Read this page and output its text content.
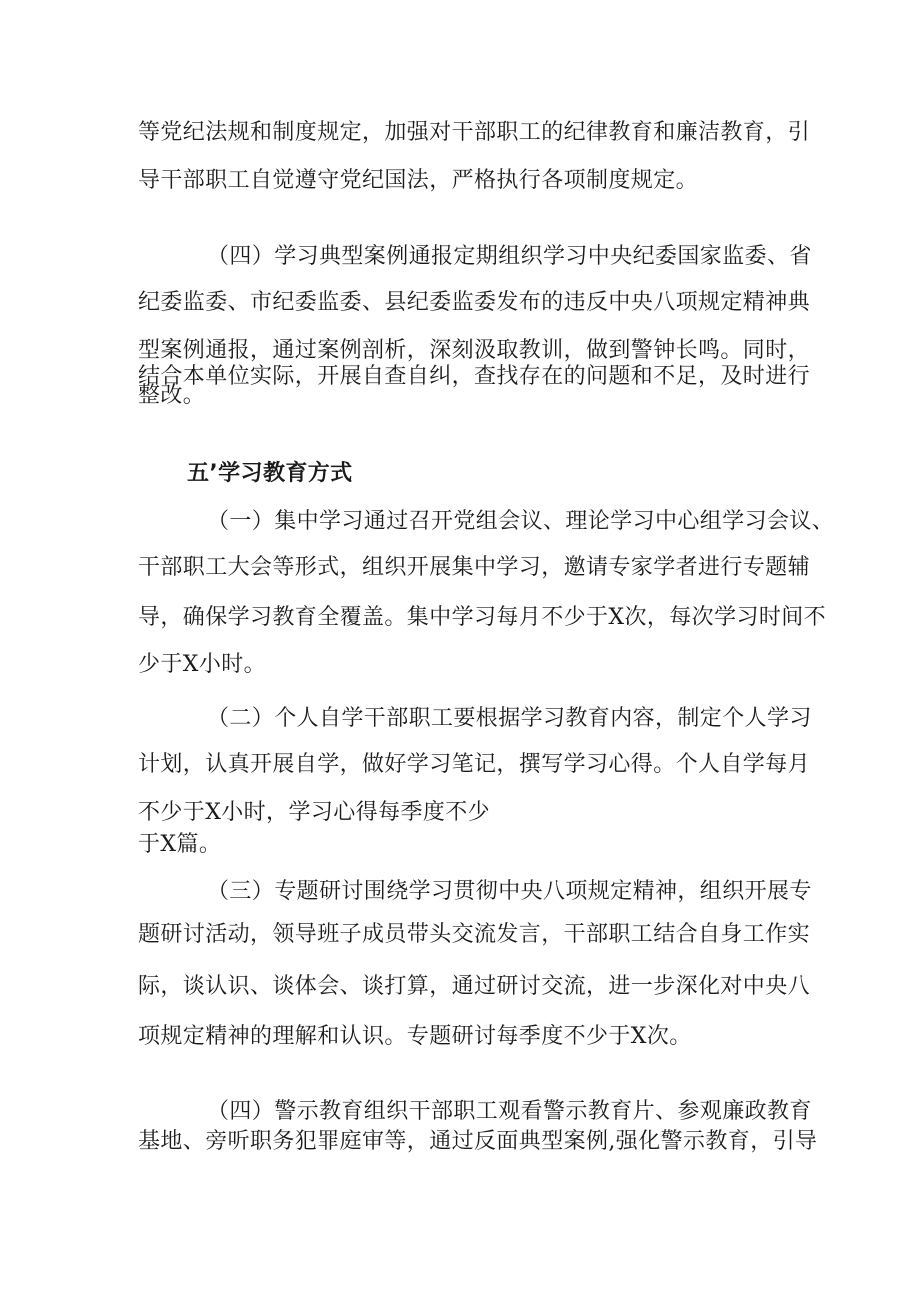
等党纪法规和制度规定，加强对干部职工的纪律教育和廉洁教育，引
导干部职工自觉遵守党纪国法，严格执行各项制度规定。
（四）学习典型案例通报定期组织学习中央纪委国家监委、省
纪委监委、市纪委监委、县纪委监委发布的违反中央八项规定精神典
型案例通报，通过案例剖析，深刻汲取教训，做到警钟长鸣。同时，
结合本单位实际，开展自查自纠，查找存在的问题和不足，及时进行
整改。
五’学习教育方式
（一）集中学习通过召开党组会议、理论学习中心组学习会议、
干部职工大会等形式，组织开展集中学习，邀请专家学者进行专题辅
导，确保学习教育全覆盖。集中学习每月不少于X次，每次学习时间不
少于X小时。
（二）个人自学干部职工要根据学习教育内容，制定个人学习
计划，认真开展自学，做好学习笔记，撰写学习心得。个人自学每月
不少于X小时，学习心得每季度不少
于X篇。
（三）专题研讨围绕学习贯彻中央八项规定精神，组织开展专
题研讨活动，领导班子成员带头交流发言，干部职工结合自身工作实
际，谈认识、谈体会、谈打算，通过研讨交流，进一步深化对中央八
项规定精神的理解和认识。专题研讨每季度不少于X次。
（四）警示教育组织干部职工观看警示教育片、参观廉政教育
基地、旁听职务犯罪庭审等，通过反面典型案例,强化警示教育，引导
